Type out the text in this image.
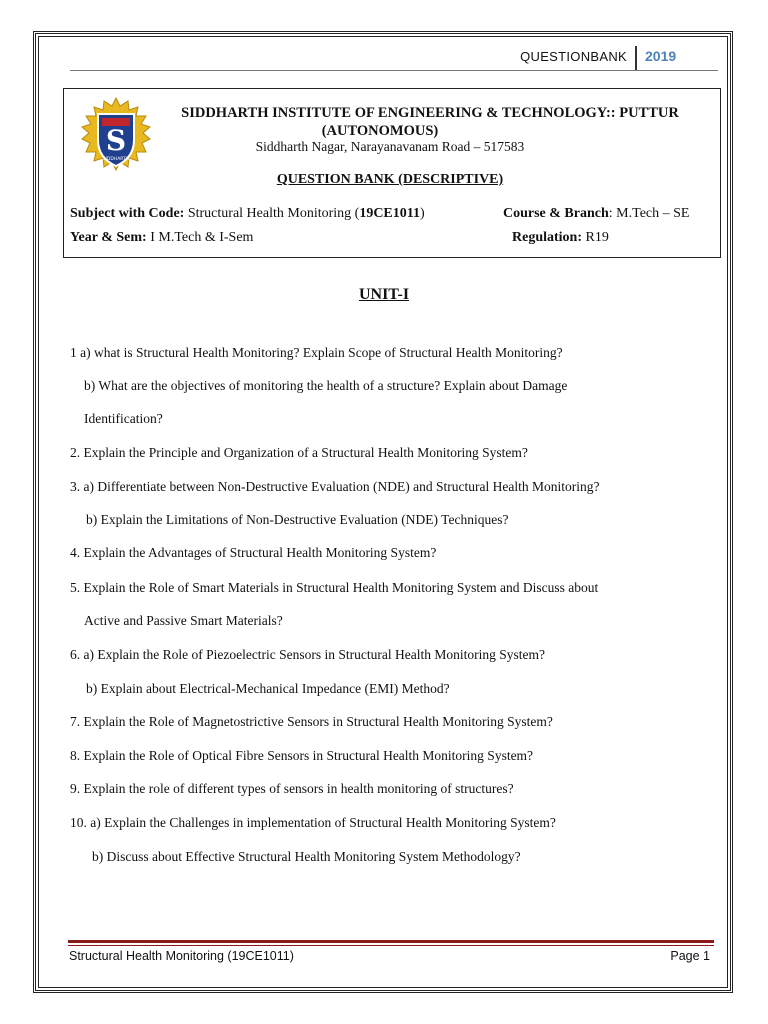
QUESTIONBANK 2019
S
SIDDHARTH
SIDDHARTH INSTITUTE OF ENGINEERING & TECHNOLOGY:: PUTTUR
(AUTONOMOUS)
Siddharth Nagar, Narayanavanam Road – 517583
QUESTION BANK (DESCRIPTIVE)
Subject with Code: Structural Health Monitoring (19CE1011)	Course & Branch: M.Tech – SE
Year & Sem: I M.Tech & I-Sem	Regulation: R19
UNIT-I
1 a) what is Structural Health Monitoring? Explain Scope of Structural Health Monitoring?
b) What are the objectives of monitoring the health of a structure? Explain about Damage
Identification?
2. Explain the Principle and Organization of a Structural Health Monitoring System?
3. a) Differentiate between Non-Destructive Evaluation (NDE) and Structural Health Monitoring?
b) Explain the Limitations of Non-Destructive Evaluation (NDE) Techniques?
4. Explain the Advantages of Structural Health Monitoring System?
5. Explain the Role of Smart Materials in Structural Health Monitoring System and Discuss about
Active and Passive Smart Materials?
6. a) Explain the Role of Piezoelectric Sensors in Structural Health Monitoring System?
b) Explain about Electrical-Mechanical Impedance (EMI) Method?
7. Explain the Role of Magnetostrictive Sensors in Structural Health Monitoring System?
8. Explain the Role of Optical Fibre Sensors in Structural Health Monitoring System?
9. Explain the role of different types of sensors in health monitoring of structures?
10. a) Explain the Challenges in implementation of Structural Health Monitoring System?
b) Discuss about Effective Structural Health Monitoring System Methodology?
Structural Health Monitoring (19CE1011)	Page 1
